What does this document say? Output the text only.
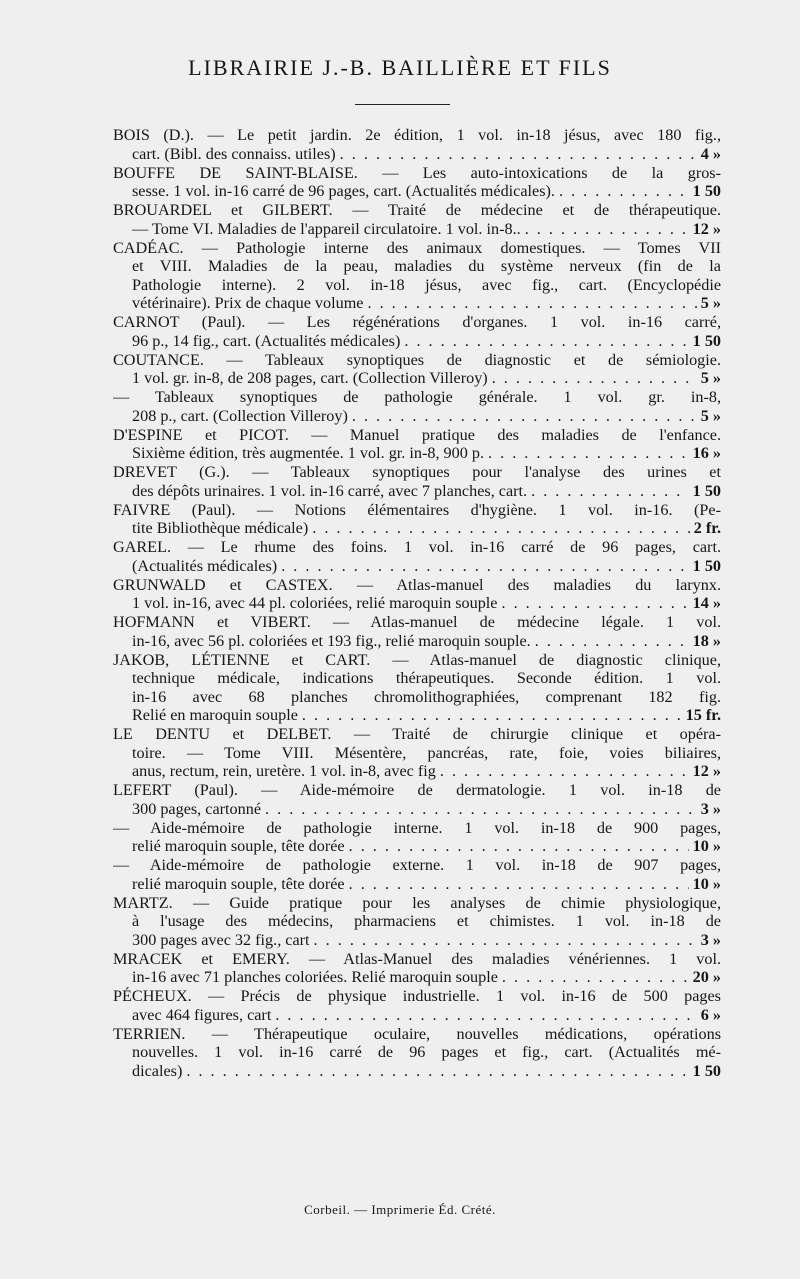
LIBRAIRIE J.-B. BAILLIÈRE ET FILS
BOIS (D.). — Le petit jardin. 2e édition, 1 vol. in-18 jésus, avec 180 fig.,
cart. (Bibl. des connaiss. utiles) . . .	4 »
BOUFFE DE SAINT-BLAISE. — Les auto-intoxications de la gros-
sesse. 1 vol. in-16 carré de 96 pages, cart. (Actualités médicales). . . .	1 50
BROUARDEL et GILBERT. — Traité de médecine et de thérapeutique.
— Tome VI. Maladies de l'appareil circulatoire. 1 vol. in-8.. . . .	12 »
CADÉAC. — Pathologie interne des animaux domestiques. — Tomes VII
et VIII. Maladies de la peau, maladies du système nerveux (fin de la
Pathologie interne). 2 vol. in-18 jésus, avec fig., cart. (Encyclopédie
vétérinaire). Prix de chaque volume . . .	5 »
CARNOT (Paul). — Les régénérations d'organes. 1 vol. in-16 carré,
96 p., 14 fig., cart. (Actualités médicales) . . .	1 50
COUTANCE. — Tableaux synoptiques de diagnostic et de sémiologie.
1 vol. gr. in-8, de 208 pages, cart. (Collection Villeroy) . . .	5 »
— Tableaux synoptiques de pathologie générale. 1 vol. gr. in-8,
208 p., cart. (Collection Villeroy) . . .	5 »
D'ESPINE et PICOT. — Manuel pratique des maladies de l'enfance.
Sixième édition, très augmentée. 1 vol. gr. in-8, 900 p. . . .	16 »
DREVET (G.). — Tableaux synoptiques pour l'analyse des urines et
des dépôts urinaires. 1 vol. in-16 carré, avec 7 planches, cart. . . .	1 50
FAIVRE (Paul). — Notions élémentaires d'hygiène. 1 vol. in-16. (Pe-
tite Bibliothèque médicale) . . .	2 fr.
GAREL. — Le rhume des foins. 1 vol. in-16 carré de 96 pages, cart.
(Actualités médicales) . . .	1 50
GRUNWALD et CASTEX. — Atlas-manuel des maladies du larynx.
1 vol. in-16, avec 44 pl. coloriées, relié maroquin souple . . .	14 »
HOFMANN et VIBERT. — Atlas-manuel de médecine légale. 1 vol.
in-16, avec 56 pl. coloriées et 193 fig., relié maroquin souple. . . .	18 »
JAKOB, LÉTIENNE et CART. — Atlas-manuel de diagnostic clinique,
technique médicale, indications thérapeutiques. Seconde édition. 1 vol.
in-16 avec 68 planches chromolithographiées, comprenant 182 fig.
Relié en maroquin souple . . .	15 fr.
LE DENTU et DELBET. — Traité de chirurgie clinique et opéra-
toire. — Tome VIII. Mésentère, pancréas, rate, foie, voies biliaires,
anus, rectum, rein, uretère. 1 vol. in-8, avec fig . . .	12 »
LEFERT (Paul). — Aide-mémoire de dermatologie. 1 vol. in-18 de
300 pages, cartonné . . .	3 »
— Aide-mémoire de pathologie interne. 1 vol. in-18 de 900 pages,
relié maroquin souple, tête dorée . . .	10 »
— Aide-mémoire de pathologie externe. 1 vol. in-18 de 907 pages,
relié maroquin souple, tête dorée . . .	10 »
MARTZ. — Guide pratique pour les analyses de chimie physiologique,
à l'usage des médecins, pharmaciens et chimistes. 1 vol. in-18 de
300 pages avec 32 fig., cart . . .	3 »
MRACEK et EMERY. — Atlas-Manuel des maladies vénériennes. 1 vol.
in-16 avec 71 planches coloriées. Relié maroquin souple . . .	20 »
PÉCHEUX. — Précis de physique industrielle. 1 vol. in-16 de 500 pages
avec 464 figures, cart . . .	6 »
TERRIEN. — Thérapeutique oculaire, nouvelles médications, opérations
nouvelles. 1 vol. in-16 carré de 96 pages et fig., cart. (Actualités mé-
dicales) . . .	1 50
Corbeil. — Imprimerie Éd. Crété.
